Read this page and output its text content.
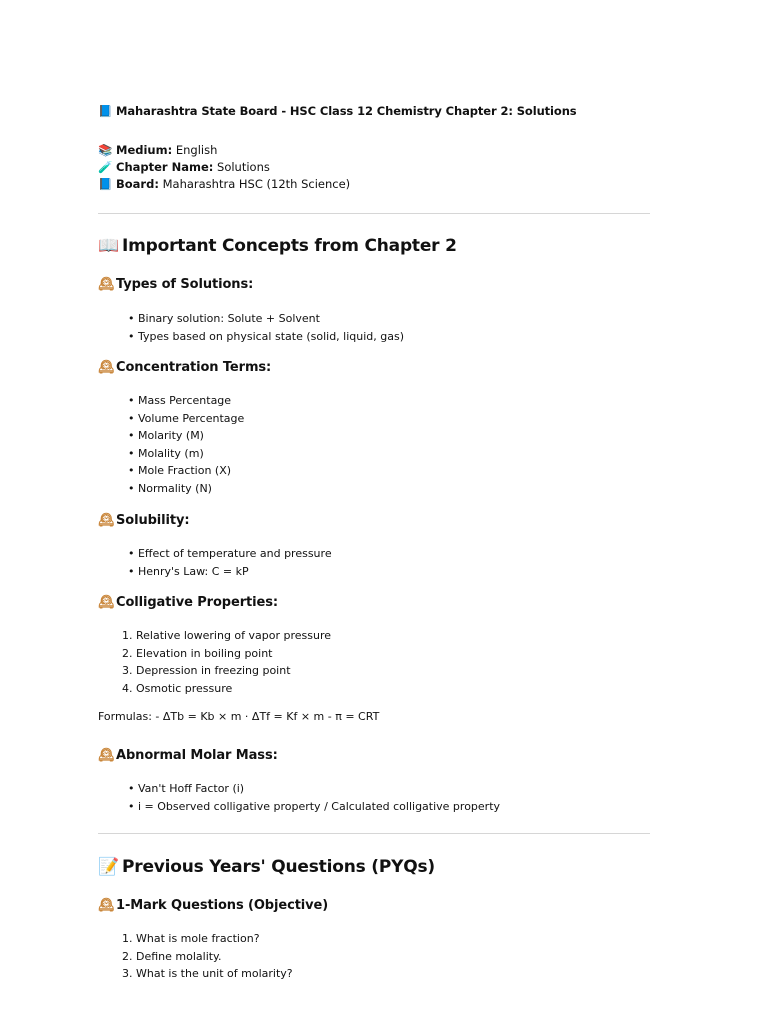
📘 Maharashtra State Board - HSC Class 12 Chemistry Chapter 2: Solutions
📚 Medium: English
🧪 Chapter Name: Solutions
📘 Board: Maharashtra HSC (12th Science)
📖 Important Concepts from Chapter 2
🕰 Types of Solutions:
• Binary solution: Solute + Solvent
• Types based on physical state (solid, liquid, gas)
🕰 Concentration Terms:
• Mass Percentage
• Volume Percentage
• Molarity (M)
• Molality (m)
• Mole Fraction (X)
• Normality (N)
🕰 Solubility:
• Effect of temperature and pressure
• Henry's Law: C = kP
🕰 Colligative Properties:
1. Relative lowering of vapor pressure
2. Elevation in boiling point
3. Depression in freezing point
4. Osmotic pressure
Formulas: - ΔTb = Kb × m · ΔTf = Kf × m - π = CRT
🕰 Abnormal Molar Mass:
• Van't Hoff Factor (i)
• i = Observed colligative property / Calculated colligative property
📝 Previous Years' Questions (PYQs)
🕰 1-Mark Questions (Objective)
1. What is mole fraction?
2. Define molality.
3. What is the unit of molarity?
